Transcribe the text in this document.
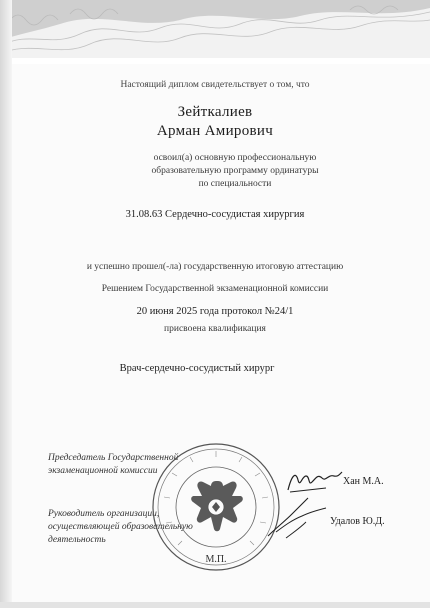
Настоящий диплом свидетельствует о том, что
Зейткалиев
Арман Амирович
освоил(а) основную профессиональную
образовательную программу ординатуры
по специальности
31.08.63 Сердечно-сосудистая хирургия
и успешно прошел(-ла) государственную итоговую аттестацию
Решением Государственной экзаменационной комиссии
20 июня 2025 года протокол №24/1
присвоена квалификация
Врач-сердечно-сосудистый хирург
Председатель Государственной экзаменационной комиссии
Руководитель организации, осуществляющей образовательную деятельность
М.П.
Хан М.А.
Удалов Ю.Д.
